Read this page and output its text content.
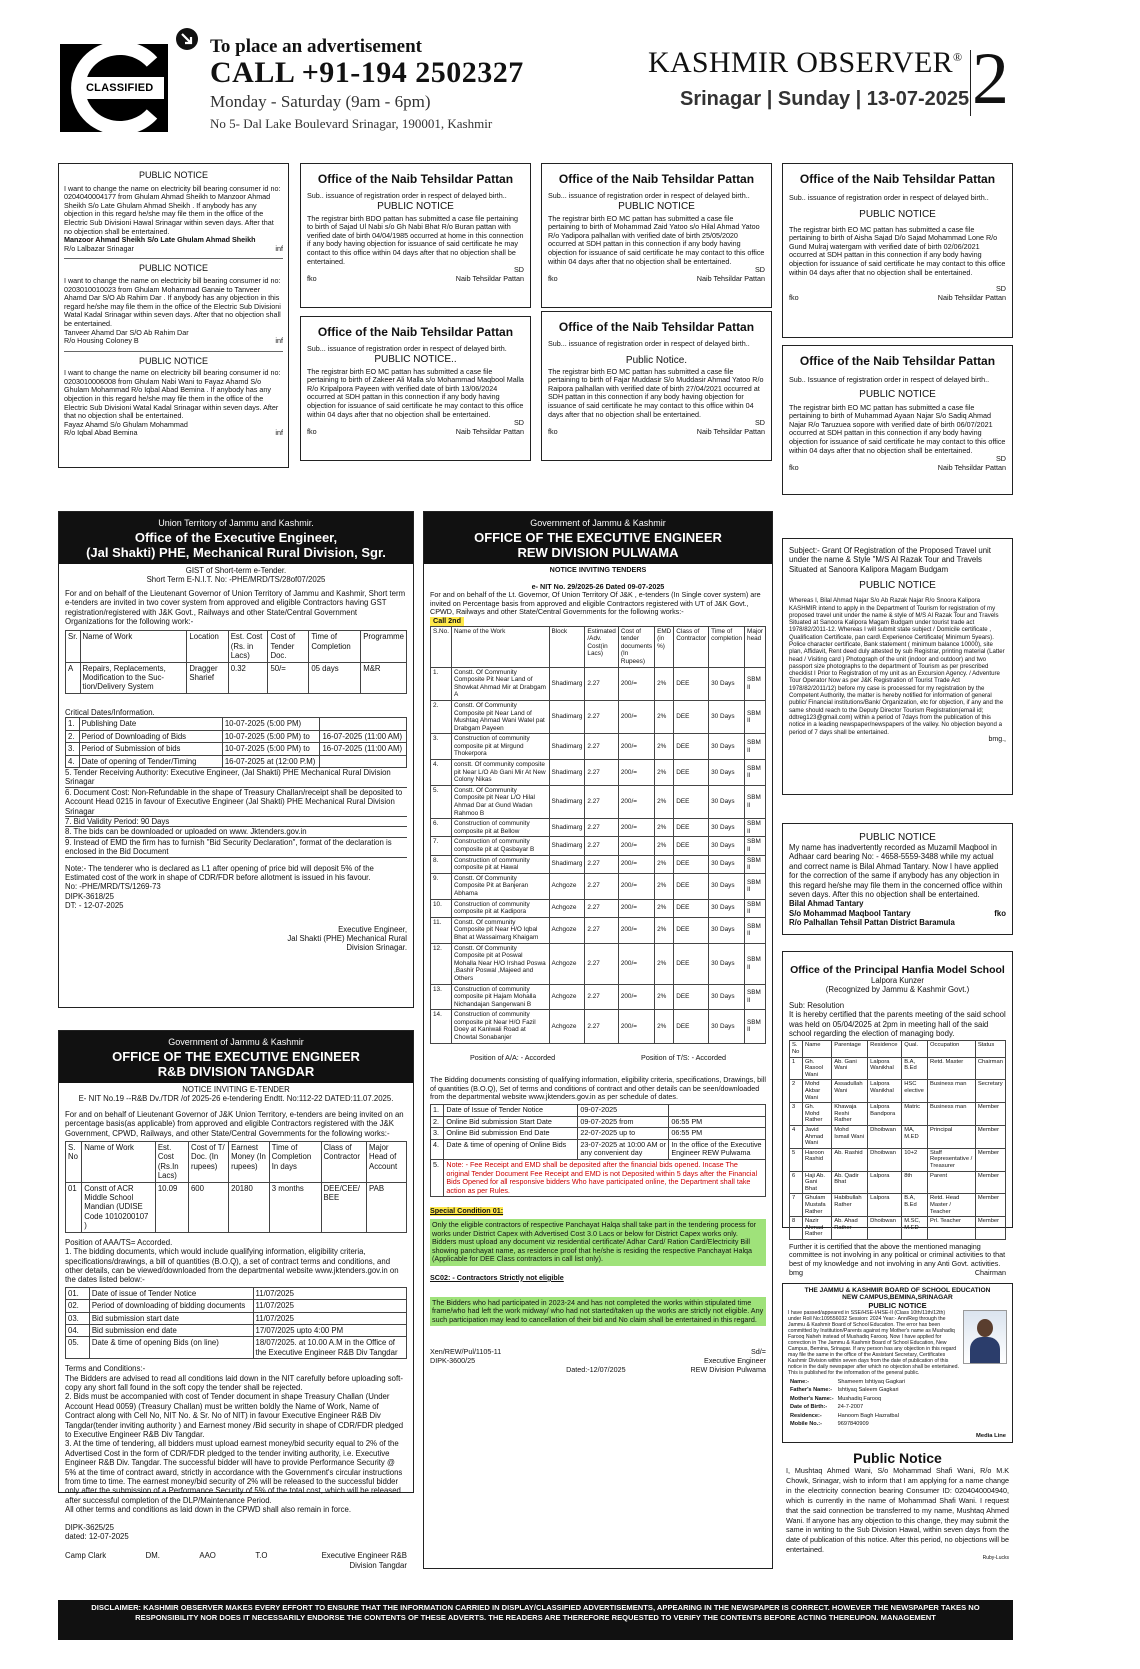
CLASSIFIED
To place an advertisement
CALL +91-194 2502327
Monday - Saturday (9am - 6pm)
No 5- Dal Lake Boulevard Srinagar, 190001, Kashmir
KASHMIR OBSERVER®
Srinagar | Sunday | 13-07-2025 2
PUBLIC NOTICE
I want to change the name on electricity bill bearing consumer id no: 0204040004177 from Ghulam Ahmad Sheikh to Manzoor Ahmad Sheikh S/o Late Ghulam Ahmad Sheikh . If anybody has any objection in this regard he/she may file them in the office of the Electric Sub Divisioni Hawal Srinagar within seven days. After that no objection shall be entertained.
Manzoor Ahmad Sheikh S/o Late Ghulam Ahmad Sheikh
R/o Lalbazar Srinagar	inf
PUBLIC NOTICE
I want to change the name on electricity bill bearing consumer id no: 0203010010023 from Ghulam Mohammad Ganaie to Tanveer Ahamd Dar S/O Ab Rahim Dar . If anybody has any objection in this regard he/she may file them in the office of the Electric Sub Divisioni Watal Kadal Srinagar within seven days. After that no objection shall be entertained.
Tanveer Ahamd Dar S/O Ab Rahim Dar
R/o Housing Coloney B	inf
PUBLIC NOTICE
I want to change the name on electricity bill bearing consumer id no: 0203010006008 from Ghulam Nabi Wani to Fayaz Ahamd S/o Ghulam Mohammad R/o Iqbal Abad Bemina . If anybody has any objection in this regard he/she may file them in the office of the Electric Sub Divisioni Watal Kadal Srinagar within seven days. After that no objection shall be entertained.
Fayaz Ahamd S/o Ghulam Mohammad
R/o Iqbal Abad Bemina	inf
Office of the Naib Tehsildar Pattan
Sub.. issuance of registration order in respect of delayed birth..
PUBLIC NOTICE
The registrar birth BDO pattan has submitted a case file pertaining to birth of Sajad Ul Nabi s/o Gh Nabi Bhat R/o Buran pattan with verified date of birth 04/04/1985 occurred at home in this connection if any body having objection for issuance of said certificate he may contact to this office within 04 days after that no objection shall be entertained.
SD
fko	Naib Tehsildar Pattan
Office of the Naib Tehsildar Pattan
Sub... issuance of registration order in respect of delayed birth..
PUBLIC NOTICE
The registrar birth EO MC pattan has submitted a case file pertaining to birth of Mohammad Zaid Yatoo s/o Hilal Ahmad Yatoo R/o Yadipora palhallan with verified date of birth 25/05/2020 occurred at SDH pattan in this connection if any body having objection for issuance of said certificate he may contact to this office within 04 days after that no objection shall be entertained.
SD
fko	Naib Tehsildar Pattan
Office of the Naib Tehsildar Pattan
Sub.. issuance of registration order in respect of delayed birth..
PUBLIC NOTICE
The registrar birth EO MC pattan has submitted a case file pertaining to birth of Aisha Sajad D/o Sajad Mohammad Lone R/o Gund Mulraj watergam with verified date of birth 02/06/2021 occurred at SDH pattan in this connection if any body having objection for issuance of said certificate he may contact to this office within 04 days after that no objection shall be entertained.
SD
fko	Naib Tehsildar Pattan
Office of the Naib Tehsildar Pattan
Sub... issuance of registration order in respect of delayed birth.
PUBLIC NOTICE..
The registrar birth EO MC pattan has submitted a case file pertaining to birth of Zakeer Ali Malla s/o Mohammad Maqbool Malla R/o Kripalpora Payeen with verified date of birth 13/06/2024 occurred at SDH pattan in this connection if any body having objection for issuance of said certificate he may contact to this office within 04 days after that no objection shall be entertained.
SD
fko	Naib Tehsildar Pattan
Office of the Naib Tehsildar Pattan
Sub... issuance of registration order in respect of delayed birth..
Public Notice.
The registrar birth EO MC pattan has submitted a case file pertaining to birth of Fajar Muddasir S/o Muddasir Ahmad Yatoo R/o Raipora palhallan with verified date of birth 27/04/2021 occurred at SDH pattan in this connection if any body having objection for issuance of said certificate he may contact to this office within 04 days after that no objection shall be entertained.
SD
fko	Naib Tehsildar Pattan
Office of the Naib Tehsildar Pattan
Sub.. Issuance of registration order in respect of delayed birth..
PUBLIC NOTICE
The registrar birth EO MC pattan has submitted a case file pertaining to birth of Muhammad Ayaan Najar S/o Sadiq Ahmad Najar R/o Taruzuea sopore with verified date of birth 06/07/2021 occurred at SDH pattan in this connection if any body having objection for issuance of said certificate he may contact to this office within 04 days after that no objection shall be entertained.
SD
fko	Naib Tehsildar Pattan
Union Territory of Jammu and Kashmir.
Office of the Executive Engineer,
(Jal Shakti) PHE, Mechanical Rural Division, Sgr.
GIST of Short-term e-Tender.
Short Term E-N.I.T. No: -PHE/MRD/TS/28of07/2025
For and on behalf of the Lieutenant Governor of Union Territory of Jammu and Kashmir, Short term e-tenders are invited in two cover system from approved and eligible Contractors having GST registration/registered with J&K Govt., Railways and other State/Central Government Organizations for the following work:-
Sr.	Name of Work	Location	Est. Cost (Rs. in Lacs)	Cost of Tender Doc.	Time of Completion	Programme
A	Repairs, Replacements, Modification to the Suc-tion/Delivery System	Dragger Sharief	0.32	50/=	05 days	M&R
Critical Dates/Information.
1.	Publishing Date	10-07-2025 (5:00 PM)	
2.	Period of Downloading of Bids	10-07-2025 (5:00 PM) to	16-07-2025 (11:00 AM)
3.	Period of Submission of bids	10-07-2025 (5:00 PM) to	16-07-2025 (11:00 AM)
4.	Date of opening of Tender/Timing	16-07-2025 at (12:00 P.M)	
5. Tender Receiving Authority: Executive Engineer, (Jal Shakti) PHE Mechanical Rural Division Srinagar
6. Document Cost: Non-Refundable in the shape of Treasury Challan/receipt shall be deposited to Account Head 0215 in favour of Executive Engineer (Jal Shakti) PHE Mechanical Rural Division Srinagar
7. Bid Validity Period: 90 Days
8. The bids can be downloaded or uploaded on www. Jktenders.gov.in
9. Instead of EMD the firm has to furnish "Bid Security Declaration", format of the declaration is enclosed in the Bid Document
Note:- The tenderer who is declared as L1 after opening of price bid will deposit 5% of the Estimated cost of the work in shape of CDR/FDR before allotment is issued in his favour.
No: -PHE/MRD/TS/1269-73
DIPK-3618/25
DT: - 12-07-2025
Executive Engineer,
Jal Shakti (PHE) Mechanical Rural
Division Srinagar.
Government of Jammu & Kashmir
OFFICE OF THE EXECUTIVE ENGINEER
R&B DIVISION TANGDAR
NOTICE INVITING E-TENDER
E- NIT No.19 --R&B Dv./TDR /of 2025-26 e-tendering Endtt. No:112-22 DATED:11.07.2025.
For and on behalf of Lieutenant Governor of J&K Union Territory, e-tenders are being invited on an percentage basis(as applicable) from approved and eligible Contractors registered with the J&K Government, CPWD, Railways, and other State/Central Governments for the following works:-
S. No	Name of Work	Est. Cost (Rs.In Lacs)	Cost of T/ Doc. (In rupees)	Earnest Money (In rupees)	Time of Completion In days	Class of Contractor	Major Head of Account
01	Constt of ACR Middle School Mandian (UDISE Code 1010200107 )	10.09	600	20180	3 months	DEE/CEE/ BEE	PAB
Position of AAA/TS= Accorded.
1. The bidding documents, which would include qualifying information, eligibility criteria, specifications/drawings, a bill of quantities (B.O.Q), a set of contract terms and conditions, and other details, can be viewed/downloaded from the departmental website www.jktenders.gov.in on the dates listed below:-
01.	Date of issue of Tender Notice	11/07/2025
02.	Period of downloading of bidding documents	11/07/2025
03.	Bid submission start date	11/07/2025
04.	Bid submission end date	17/07/2025 upto 4:00 PM
05.	Date & time of opening Bids (on line)	18/07/2025. at 10.00 A.M in the Office of the Executive Engineer R&B Div Tangdar
Terms and Conditions:-
The Bidders are advised to read all conditions laid down in the NIT carefully before uploading soft-copy any short fall found in the soft copy the tender shall be rejected.
2. Bids must be accompanied with cost of Tender document in shape Treasury Challan (Under Account Head 0059) (Treasury Challan) must be written boldly the Name of Work, Name of Contract along with Cell No, NIT No. & Sr. No of NIT) in favour Executive Engineer R&B Div Tangdar(tender inviting authority ) and Earnest money /Bid security in shape of CDR/FDR pledged to Executive Engineer R&B Div Tangdar.
3. At the time of tendering, all bidders must upload earnest money/bid security equal to 2% of the Advertised Cost in the form of CDR/FDR pledged to the tender inviting authority, i.e. Executive Engineer R&B Div. Tangdar. The successful bidder will have to provide Performance Security @ 5% at the time of contract award, strictly in accordance with the Government's circular instructions from time to time. The earnest money/bid security of 2% will be released to the successful bidder only after the submission of a Performance Security of 5% of the total cost, which will be released after successful completion of the DLP/Maintenance Period.
All other terms and conditions as laid down in the CPWD shall also remain in force.
DIPK-3625/25
dated: 12-07-2025
Camp Clark	DM.	AAO	T.O	Executive Engineer R&B Division Tangdar
Government of Jammu & Kashmir
OFFICE OF THE EXECUTIVE ENGINEER
REW DIVISION PULWAMA
NOTICE INVITING TENDERS
e- NIT No. 29/2025-26 Dated 09-07-2025
For and on behalf of the Lt. Governor, Of Union Territory Of J&K , e-tenders (In Single cover system) are invited on Percentage basis from approved and eligible Contractors registered with UT of J&K Govt., CPWD, Railways and other State/Central Governments for the following works:-
Call 2nd
S.No.	Name of the Work	Block	Estimated /Adv. Cost(in Lacs)	Cost of tender documents (In Rupees)	EMD (in %)	Class of Contractor	Time of completion	Major head
1.	Constt. Of Community Composite Pit Near Land of Showkat Ahmad Mir at Drabgam A	Shadimarg	2.27	200/=	2%	DEE	30 Days	SBM II
2.	Constt. Of Community Composite pit Near Land of Mushtaq Ahmad Wani Watel pat Drabgam Payeen	Shadimarg	2.27	200/=	2%	DEE	30 Days	SBM II
3.	Construction of community composite pit at Mirgund Thokerpora	Shadimarg	2.27	200/=	2%	DEE	30 Days	SBM II
4.	constt. Of community composite pit Near L/O Ab Gani Mir At New Colony Nikas	Shadimarg	2.27	200/=	2%	DEE	30 Days	SBM II
5.	Constt. Of Community Composite pit Near L/O Hilal Ahmad Dar at Gund Wadan Rahmoo B	Shadimarg	2.27	200/=	2%	DEE	30 Days	SBM II
6.	Construction of community composite pit at Bellow	Shadimarg	2.27	200/=	2%	DEE	30 Days	SBM II
7.	Construction of community composite pit at Qasbayar B	Shadimarg	2.27	200/=	2%	DEE	30 Days	SBM II
8.	Construction of community composite pit at Hawal	Shadimarg	2.27	200/=	2%	DEE	30 Days	SBM II
9.	Constt. Of Community Composite Pit at Banjeran Abhama	Achgoze	2.27	200/=	2%	DEE	30 Days	SBM II
10.	Construction of community composite pit at Kadipora	Achgoze	2.27	200/=	2%	DEE	30 Days	SBM II
11.	Constt. Of community Composite pit Near H/O Iqbal Bhat at Wassaimarg Khaigam	Achgoze	2.27	200/=	2%	DEE	30 Days	SBM II
12.	Constt. Of Community Composite pit at Poswal Mohalla Near H/O Irshad Poswa ,Bashir Poswal ,Majeed and Others	Achgoze	2.27	200/=	2%	DEE	30 Days	SBM II
13.	Construction of community composite pit Hajam Mohalla Nichandajan Sangerwani B	Achgoze	2.27	200/=	2%	DEE	30 Days	SBM II
14.	Construction of community composite pit Near H/O Fazil Doey at Kaniwali Road at Chowtal Sonabanjer	Achgoze	2.27	200/=	2%	DEE	30 Days	SBM II
Position of A/A: - Accorded	Position of T/S: - Accorded
The Bidding documents consisting of qualifying information, eligibility criteria, specifications, Drawings, bill of quantities (B.O.Q), Set of terms and conditions of contract and other details can be seen/downloaded from the departmental website www.jktenders.gov.in as per schedule of dates.
1.	Date of Issue of Tender Notice	09-07-2025	
2.	Online Bid submission Start Date	09-07-2025 from	06:55 PM
3.	Online Bid submission End Date	22-07-2025 up to	06:55 PM
4.	Date & time of opening of Online Bids	23-07-2025 at 10:00 AM or any convenient day	In the office of the Executive Engineer REW Pulwama
5.	Note: - Fee Receipt and EMD shall be deposited after the financial bids opened. Incase The original Tender Document Fee Receipt and EMD is not Deposited within 5 days after the Financial Bids Opened for all responsive bidders Who have participated online, the Department shall take action as per Rules.		
Special Condition 01:
Only the eligible contractors of respective Panchayat Halqa shall take part in the tendering process for works under District Capex with Advertised Cost 3.0 Lacs or below for District Capex works only. Bidders must upload any document viz residential certificate/ Adhar Card/ Ration Card/Electricity Bill showing panchayat name, as residence proof that he/she is residing the respective Panchayat Halqa (Applicable for DEE Class contractors in call list only).
SC02: - Contractors Strictly not eligible
The Bidders who had participated in 2023-24 and has not completed the works within stipulated time frame/who had left the work midway/ who had not started/taken up the works are strictly not eligible. Any such participation may lead to cancellation of their bid and No claim shall be entertained in this regard.
Xen/REW/Pul/1105-11
DIPK-3600/25
Dated:-12/07/2025
Sd/=
Executive Engineer
REW Division Pulwama
Subject:- Grant Of Registration of the Proposed Travel unit under the name & Style "M/S Al Razak Tour and Travels Situated at Sanoora Kalipora Magam Budgam
PUBLIC NOTICE
Whereas I, Bilal Ahmad Najar S/o Ab Razak Najar R/o Snoora Kalipora KASHMIR intend to apply in the Department of Tourism for registration of my proposed travel unit under the name & style of M/S Al Razak Tour and Travels Situated at Sanoora Kalipora Magam Budgam under tourist trade act 1978/82/2011-12. Whereas I will submit state subject / Domicile certificate , Qualification Certificate, pan card\ Experience Certificate( Minimum 5years). Police character certificate, Bank statement ( minimum balance 10000), site plan, Affidavit, Rent deed duly attested by sub Registrar, printing material (Latter head / Visiting card ) Photograph of the unit (indoor and outdoor) and two passport size photographs to the department of Tourism as per prescribed checklist I Prior to Registration of my unit as an Excursion Agency. / Adventure Tour Operator Now as per J&K Registration of Tourist Trade Act 1978/82/2011/12) before my case is processed for my registration by the Competent Authority, the matter is hereby notified for information of general public/ Financial institutions/Bank/ Organization, etc for objection, if any and the same should reach to the Deputy Director Tourism Registration(email id; ddtreg123@gmail.com) within a period of 7days from the publication of this notice in a leading newspaper/newspapers of the valley. No objection beyond a period of 7 days shall be entertained.
bmg.,
PUBLIC NOTICE
My name has inadvertently recorded as Muzamil Maqbool in Adhaar card bearing No: - 4658-5559-3488 while my actual and correct name is Bilal Ahmad Tantary. Now I have applied for the correction of the same if anybody has any objection in this regard he/she may file them in the concerned office within seven days. After this no objection shall be entertained.
Bilal Ahmad Tantary
S/o Mohammad Maqbool Tantary	fko
R/o Palhallan Tehsil Pattan District Baramula
Office of the Principal Hanfia Model School
Lalpora Kunzer
(Recognized by Jammu & Kashmir Govt.)
Sub: Resolution
It is hereby certified that the parents meeting of the said school was held on 05/04/2025 at 2pm in meeting hall of the said school regarding the election of managing body.
S. No	Name	Parentage	Residence	Qual.	Occupation	Status
1	Gh. Rasool Wani	Ab. Gani Wani	Lalpora Wanikhal	B.A, B.Ed	Retd. Master	Chairman
2	Mohd Akbar Wani	Assadullah Wani	Lalpora Wanikhal	HSC elective	Business man	Secretary
3	Gh. Mohd Rather	Khawaja Reshi Rather	Lalpora Bandpora	Matric	Business man	Member
4	Javid Ahmad Wani	Mohd Ismail Wani	Dhoibwan	MA, M.ED	Principal	Member
5	Haroon Rashid	Ab. Rashid	Dhoibwan	10+2	Staff Representative / Treasurer	Member
6	Haji Ab. Gani Bhat	Ab. Qadir Bhat	Lalpora	8th	Parent	Member
7	Ghulam Mustafa Rather	Habibullah Rather	Lalpora	B.A, B.Ed	Retd. Head Master / Teacher	Member
8	Nazir Ahmad Rather	Ab. Ahad Rather	Dhoibwan	M.SC, M.ED	Prl. Teacher	Member
Further it is certified that the above the mentioned managing committee is not involving in any political or criminal activities to that best of my knowledge and not involving in any Anti Govt. activities.
bmg	Chairman
THE JAMMU & KASHMIR BOARD OF SCHOOL EDUCATION
NEW CAMPUS,BEMINA,SRINAGAR
PUBLIC NOTICE
I have passed/appeared in SSE/HSE-I/HSE-II (Class 10th/11th/12th) under Roll No:109556032 Session: 2024 Year:- Ann/Reg through the Jammu & Kashmir Board of School Education. The error has been committed by Institution/Parents against my Mother's name as Mushadiq Farooq Naheh instead of Mushadiq Farooq. Now I have applied for correction in The Jammu & Kashmir Board of School Education, New Campus, Bemina, Srinagar. If any person has any objection in this regard may file the same in the office of the Assistant Secretary, Certificates Kashmir Division within seven days from the date of publication of this notice in the daily newspaper after which no objection shall be entertained. This is published for the information of the general public.
Name:-	Shameem Ishtiyaq Gagkari
Father's Name:-	Ishtiyaq Saleem Gagkari
Mother's Name:-	Mushadiq Farooq
Date of Birth:-	24-7-2007
Residence:-	Hanoom Bagh Hazratbal
Mobile No.:-	9697840909
Media Line
Public Notice
I, Mushtaq Ahmed Wani, S/o Mohammad Shafi Wani, R/o M.K Chowk, Srinagar, wish to inform that I am applying for a name change in the electricity connection bearing Consumer ID: 0204040004940, which is currently in the name of Mohammad Shafi Wani. I request that the said connection be transferred to my name, Mushtaq Ahmed Wani. If anyone has any objection to this change, they may submit the same in writing to the Sub Division Hawal, within seven days from the date of publication of this notice. After this period, no objections will be entertained.
Ruby-Lucks
DISCLAIMER: KASHMIR OBSERVER MAKES EVERY EFFORT TO ENSURE THAT THE INFORMATION CARRIED IN DISPLAY/CLASSIFIED ADVERTISEMENTS, APPEARING IN THE NEWSPAPER IS CORRECT. HOWEVER THE NEWSPAPER TAKES NO RESPONSIBILITY NOR DOES IT NECESSARILY ENDORSE THE CONTENTS OF THESE ADVERTS. THE READERS ARE THEREFORE REQUESTED TO VERIFY THE CONTENTS BEFORE ACTING THEREUPON. MANAGEMENT
